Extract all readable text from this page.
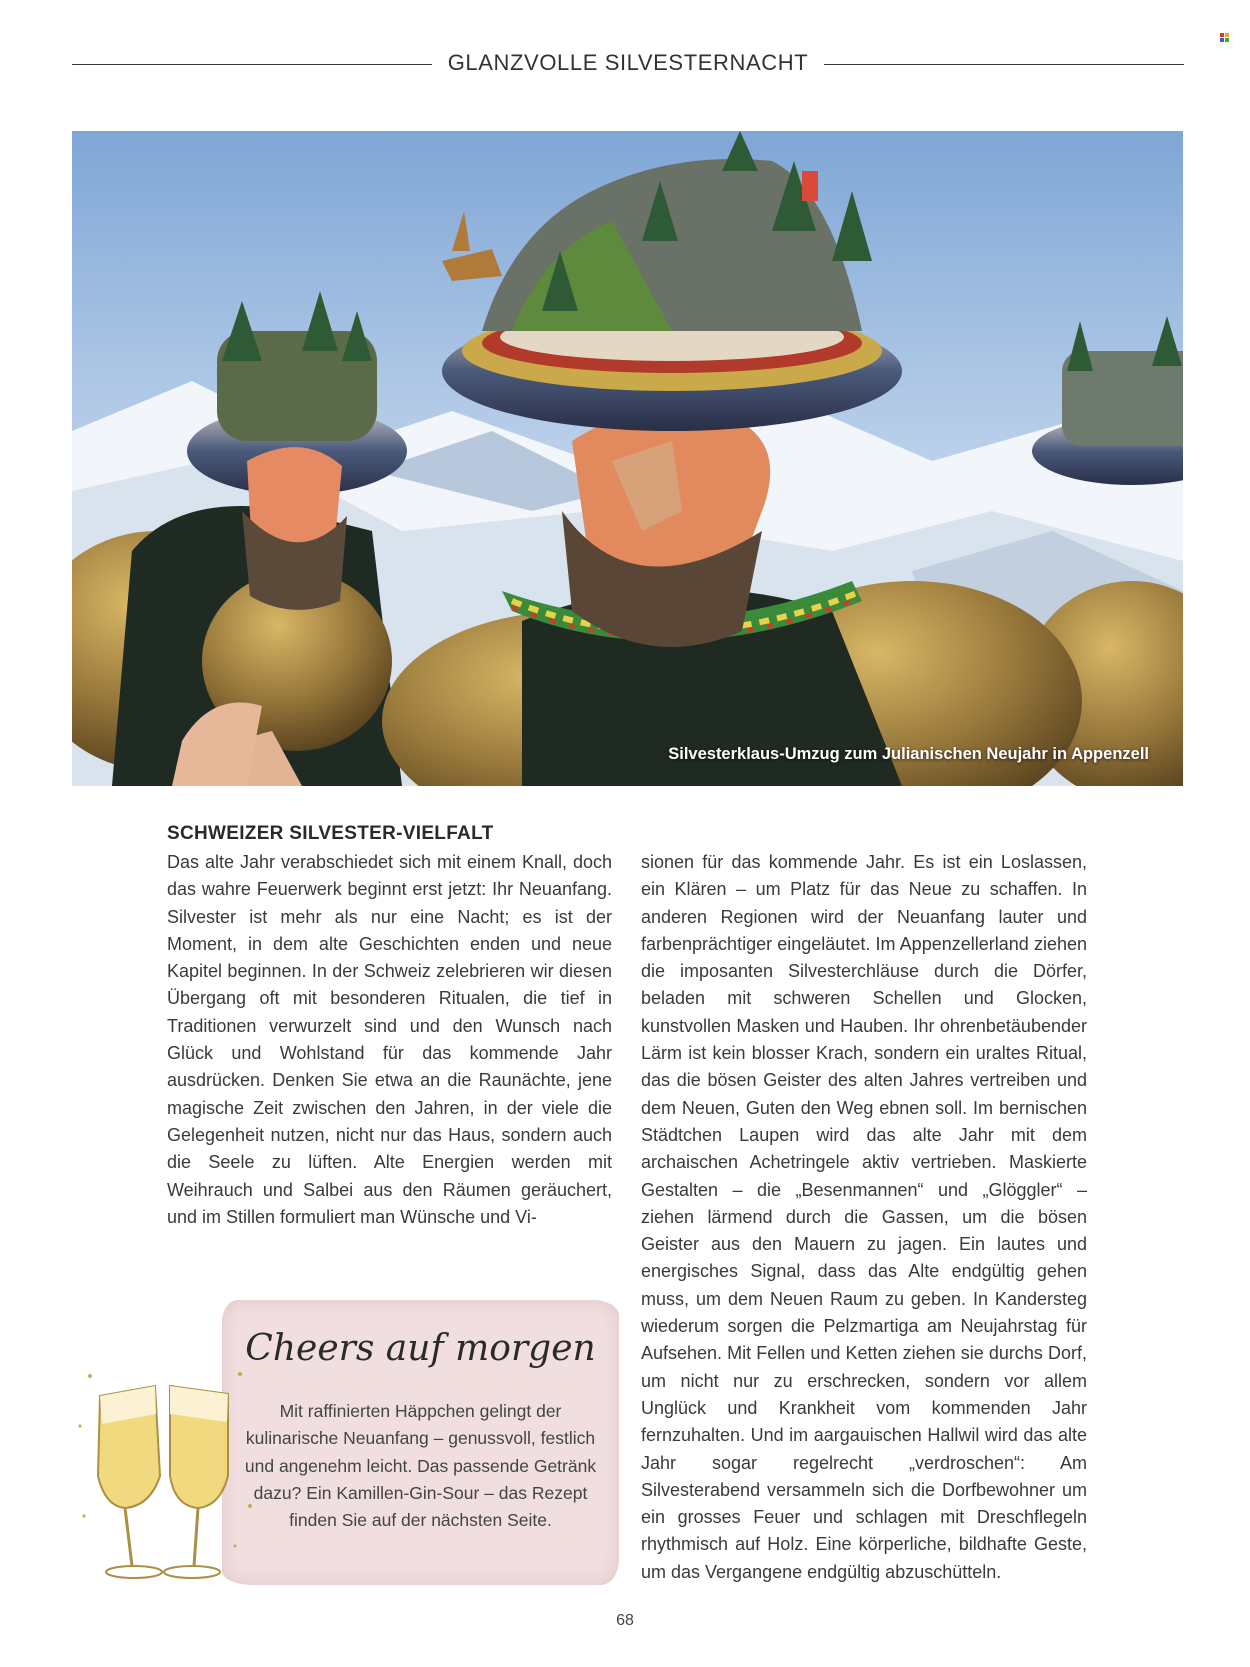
GLANZVOLLE SILVESTERNACHT
Silvesterklaus-Umzug zum Julianischen Neujahr in Appenzell
SCHWEIZER SILVESTER-VIELFALT

Das alte Jahr verabschiedet sich mit einem Knall, doch das wahre Feuerwerk beginnt erst jetzt: Ihr Neuanfang. Silvester ist mehr als nur eine Nacht; es ist der Moment, in dem alte Geschichten enden und neue Kapitel beginnen. In der Schweiz zelebrieren wir diesen Übergang oft mit besonderen Ritualen, die tief in Traditionen verwurzelt sind und den Wunsch nach Glück und Wohlstand für das kommende Jahr ausdrücken. Denken Sie etwa an die Raunächte, jene magische Zeit zwischen den Jahren, in der viele die Gelegenheit nutzen, nicht nur das Haus, sondern auch die Seele zu lüften. Alte Energien werden mit Weihrauch und Salbei aus den Räumen geräuchert, und im Stillen formuliert man Wünsche und Vi-

sionen für das kommende Jahr. Es ist ein Loslassen, ein Klären – um Platz für das Neue zu schaffen. In anderen Regionen wird der Neuanfang lauter und farbenprächtiger eingeläutet. Im Appenzellerland ziehen die imposanten Silvesterchläuse durch die Dörfer, beladen mit schweren Schellen und Glocken, kunstvollen Masken und Hauben. Ihr ohrenbetäubender Lärm ist kein blosser Krach, sondern ein uraltes Ritual, das die bösen Geister des alten Jahres vertreiben und dem Neuen, Guten den Weg ebnen soll. Im bernischen Städtchen Laupen wird das alte Jahr mit dem archaischen Achetringele aktiv vertrieben. Maskierte Gestalten – die „Besenmannen“ und „Glöggler“ – ziehen lärmend durch die Gassen, um die bösen Geister aus den Mauern zu jagen. Ein lautes und energisches Signal, dass das Alte endgültig gehen muss, um dem Neuen Raum zu geben. In Kandersteg wiederum sorgen die Pelzmartiga am Neujahrstag für Aufsehen. Mit Fellen und Ketten ziehen sie durchs Dorf, um nicht nur zu erschrecken, sondern vor allem Unglück und Krankheit vom kommenden Jahr fernzuhalten. Und im aargauischen Hallwil wird das alte Jahr sogar regelrecht „verdroschen“: Am Silvesterabend versammeln sich die Dorfbewohner um ein grosses Feuer und schlagen mit Dreschflegeln rhythmisch auf Holz. Eine körperliche, bildhafte Geste, um das Vergangene endgültig abzuschütteln.

Cheers auf morgen
Mit raffinierten Häppchen gelingt der kulinarische Neuanfang – genussvoll, festlich und angenehm leicht. Das passende Getränk dazu? Ein Kamillen-Gin-Sour – das Rezept finden Sie auf der nächsten Seite.
68
